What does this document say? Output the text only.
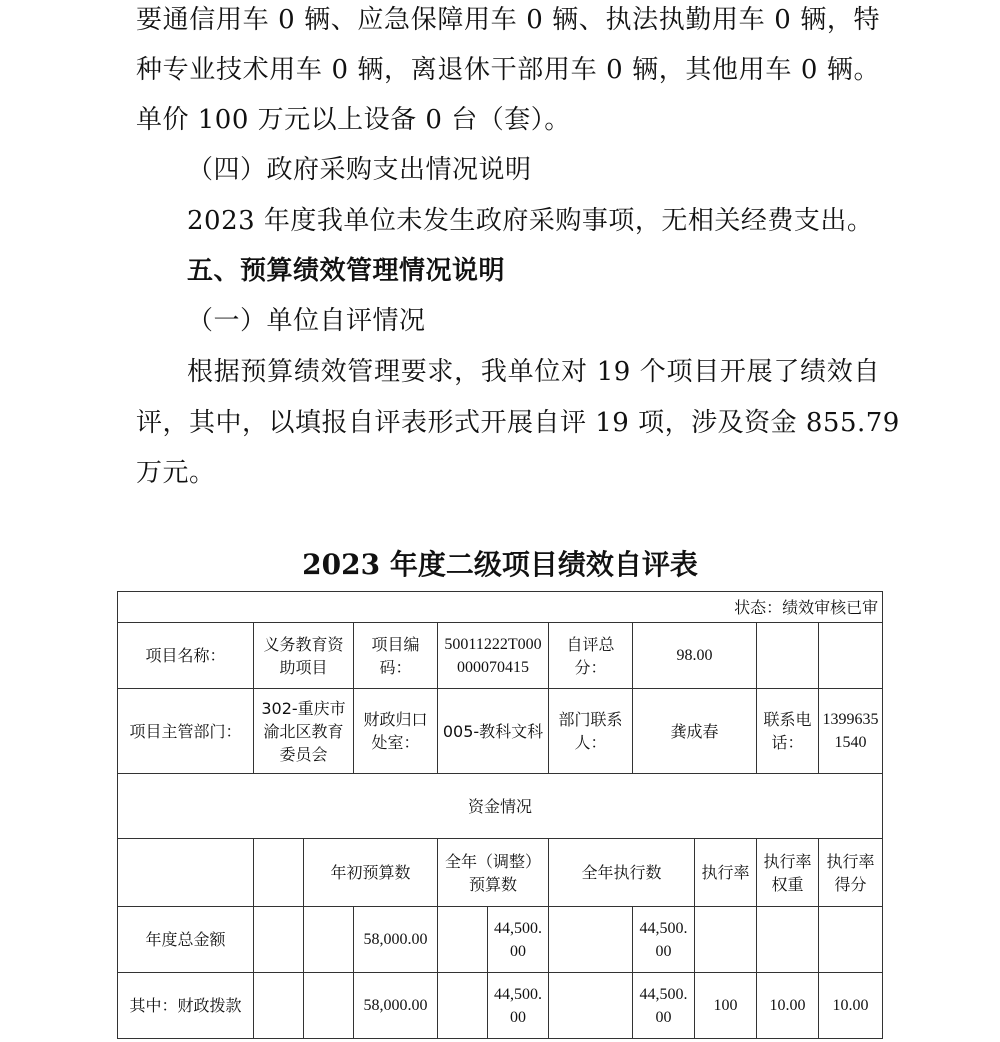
要通信用车 0 辆、应急保障用车 0 辆、执法执勤用车 0 辆，特

种专业技术用车 0 辆，离退休干部用车 0 辆，其他用车 0 辆。

单价 100 万元以上设备 0 台（套）。

（四）政府采购支出情况说明

2023 年度我单位未发生政府采购事项，无相关经费支出。

五、预算绩效管理情况说明

（一）单位自评情况

根据预算绩效管理要求，我单位对 19 个项目开展了绩效自

评，其中，以填报自评表形式开展自评 19 项，涉及资金 855.79

万元。

2023 年度二级项目绩效自评表
状态：绩效审核已审										
项目名称：	义务教育资助项目		项目编码：	50011222T000000070415		自评总分：	98.00			
项目主管部门：	302-重庆市渝北区教育委员会		财政归口处室：	005-教科文科		部门联系人：	龚成春		联系电话：	13996351540
资金情况										
		年初预算数		全年（调整）预算数		全年执行数		执行率	执行率权重	执行率得分
年度总金额			58,000.00		44,500.00		44,500.00			
其中：财政拨款			58,000.00		44,500.00		44,500.00	100	10.00	10.00
